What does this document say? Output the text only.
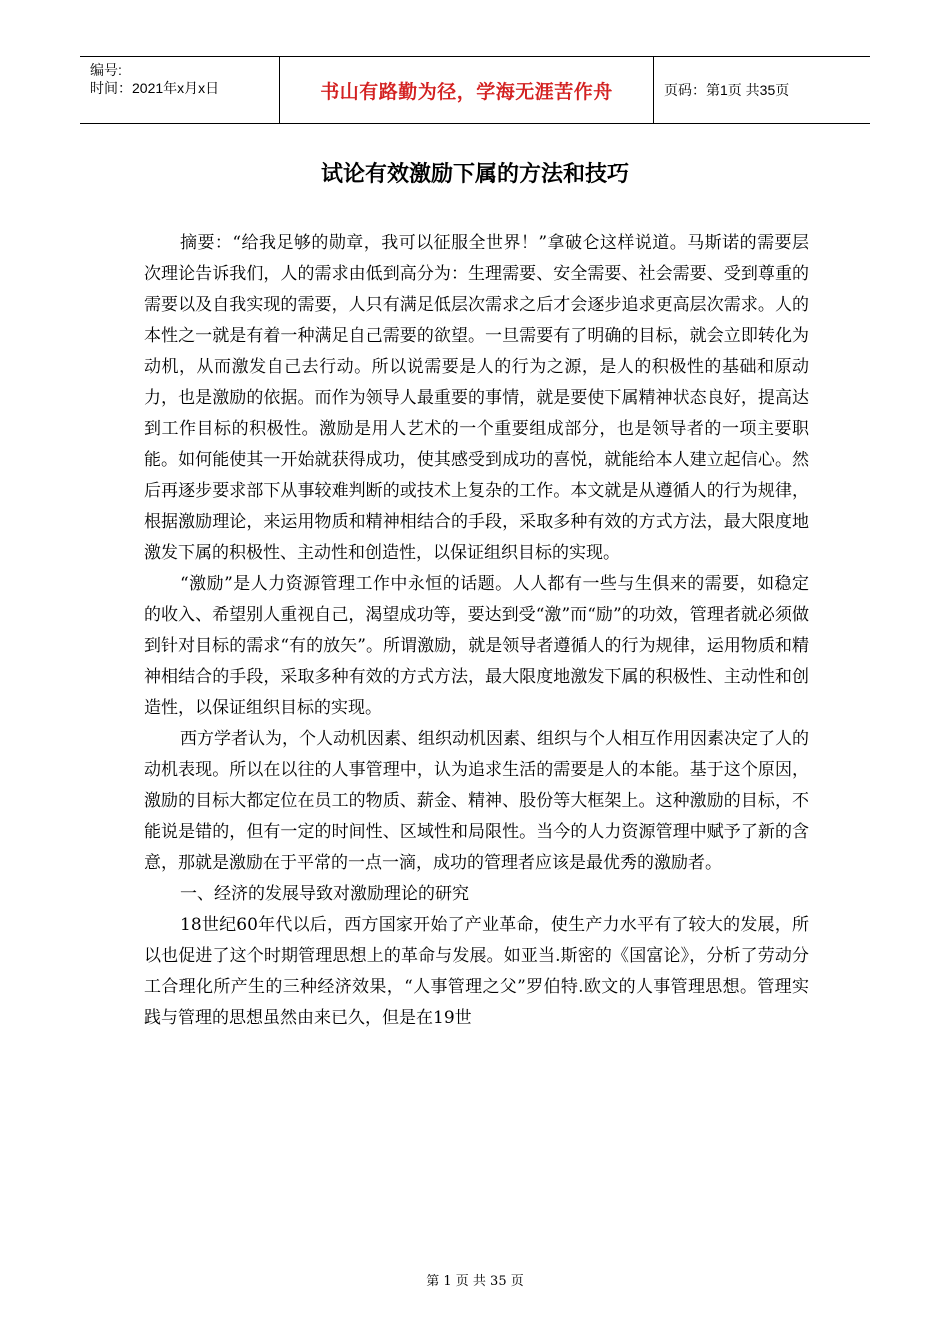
编号:
时间：2021年x月x日	书山有路勤为径，学海无涯苦作舟	页码：第1页 共35页
试论有效激励下属的方法和技巧

摘要：“给我足够的勋章，我可以征服全世界！”拿破仑这样说道。马斯诺的需要层次理论告诉我们，人的需求由低到高分为：生理需要、安全需要、社会需要、受到尊重的需要以及自我实现的需要，人只有满足低层次需求之后才会逐步追求更高层次需求。人的本性之一就是有着一种满足自己需要的欲望。一旦需要有了明确的目标，就会立即转化为动机，从而激发自己去行动。所以说需要是人的行为之源，是人的积极性的基础和原动力，也是激励的依据。而作为领导人最重要的事情，就是要使下属精神状态良好，提高达到工作目标的积极性。激励是用人艺术的一个重要组成部分，也是领导者的一项主要职能。如何能使其一开始就获得成功，使其感受到成功的喜悦，就能给本人建立起信心。然后再逐步要求部下从事较难判断的或技术上复杂的工作。本文就是从遵循人的行为规律，根据激励理论，来运用物质和精神相结合的手段，采取多种有效的方式方法，最大限度地激发下属的积极性、主动性和创造性，以保证组织目标的实现。

“激励”是人力资源管理工作中永恒的话题。人人都有一些与生俱来的需要，如稳定的收入、希望别人重视自己，渴望成功等，要达到受“激”而“励”的功效，管理者就必须做到针对目标的需求“有的放矢”。所谓激励，就是领导者遵循人的行为规律，运用物质和精神相结合的手段，采取多种有效的方式方法，最大限度地激发下属的积极性、主动性和创造性，以保证组织目标的实现。

西方学者认为，个人动机因素、组织动机因素、组织与个人相互作用因素决定了人的动机表现。所以在以往的人事管理中，认为追求生活的需要是人的本能。基于这个原因，激励的目标大都定位在员工的物质、薪金、精神、股份等大框架上。这种激励的目标，不能说是错的，但有一定的时间性、区域性和局限性。当今的人力资源管理中赋予了新的含意，那就是激励在于平常的一点一滴，成功的管理者应该是最优秀的激励者。

一、经济的发展导致对激励理论的研究

18世纪60年代以后，西方国家开始了产业革命，使生产力水平有了较大的发展，所以也促进了这个时期管理思想上的革命与发展。如亚当.斯密的《国富论》，分析了劳动分工合理化所产生的三种经济效果，“人事管理之父”罗伯特.欧文的人事管理思想。管理实践与管理的思想虽然由来已久，但是在19世

第 1 页 共 35 页
